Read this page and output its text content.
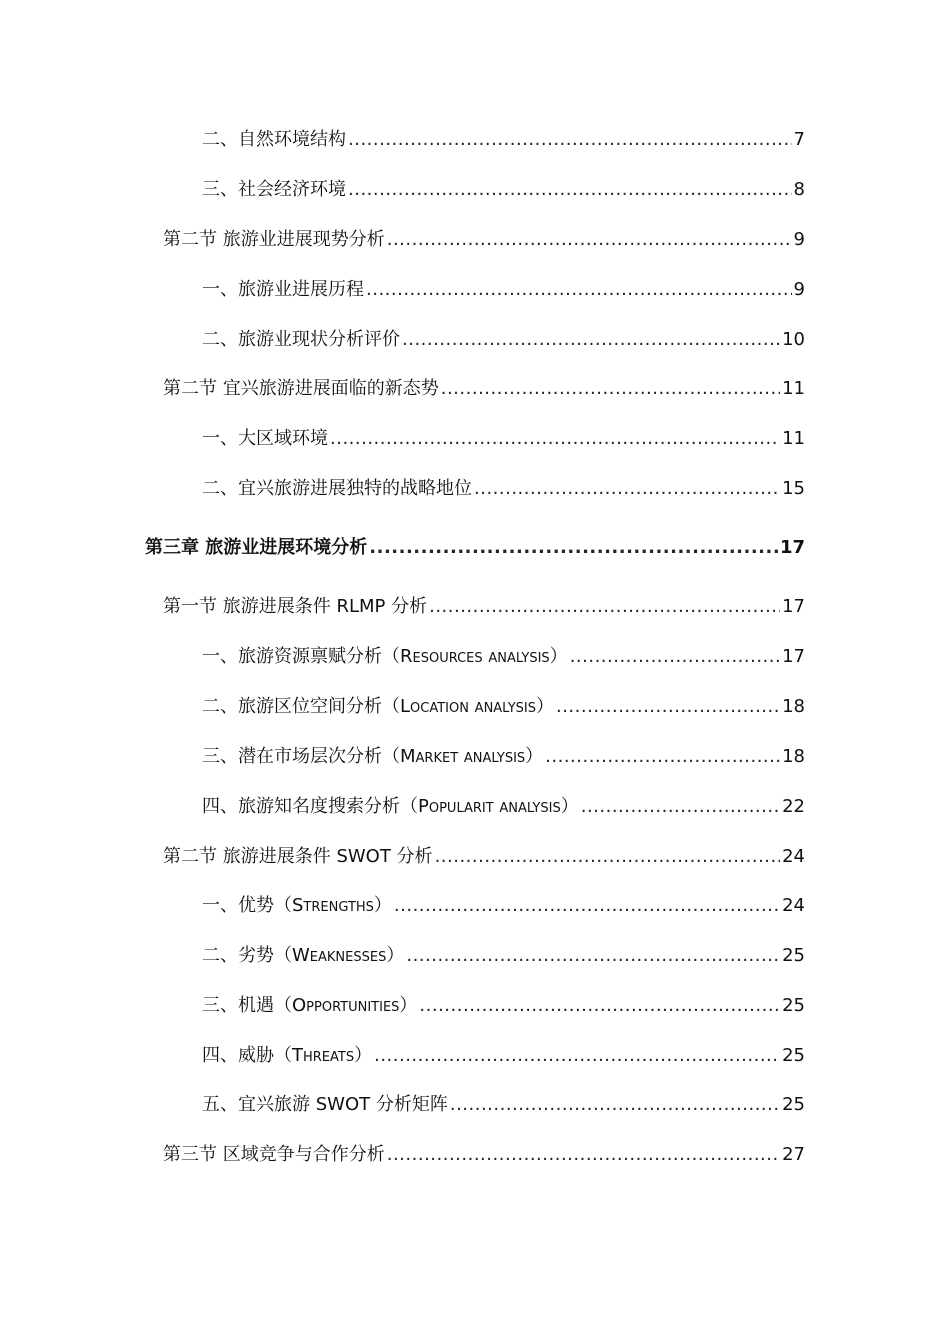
二、自然环境结构 .....	7
三、社会经济环境 .....	8
第二节 旅游业进展现势分析 .....	9
一、旅游业进展历程 .....	9
二、旅游业现状分析评价 .....	10
第二节 宜兴旅游进展面临的新态势 .....	11
一、大区域环境 .....	11
二、宜兴旅游进展独特的战略地位 .....	15
第三章 旅游业进展环境分析 .....	17
第一节 旅游进展条件 RLMP 分析 .....	17
一、旅游资源禀赋分析（Resources analysis） .....	17
二、旅游区位空间分析（Location analysis） .....	18
三、潜在市场层次分析（Market analysis） .....	18
四、旅游知名度搜索分析（Popularit analysis） .....	22
第二节 旅游进展条件 SWOT 分析 .....	24
一、优势（Strengths） .....	24
二、劣势（Weaknesses） .....	25
三、机遇（Opportunities） .....	25
四、威胁（Threats） .....	25
五、宜兴旅游 SWOT 分析矩阵 .....	25
第三节 区域竞争与合作分析 .....	27
